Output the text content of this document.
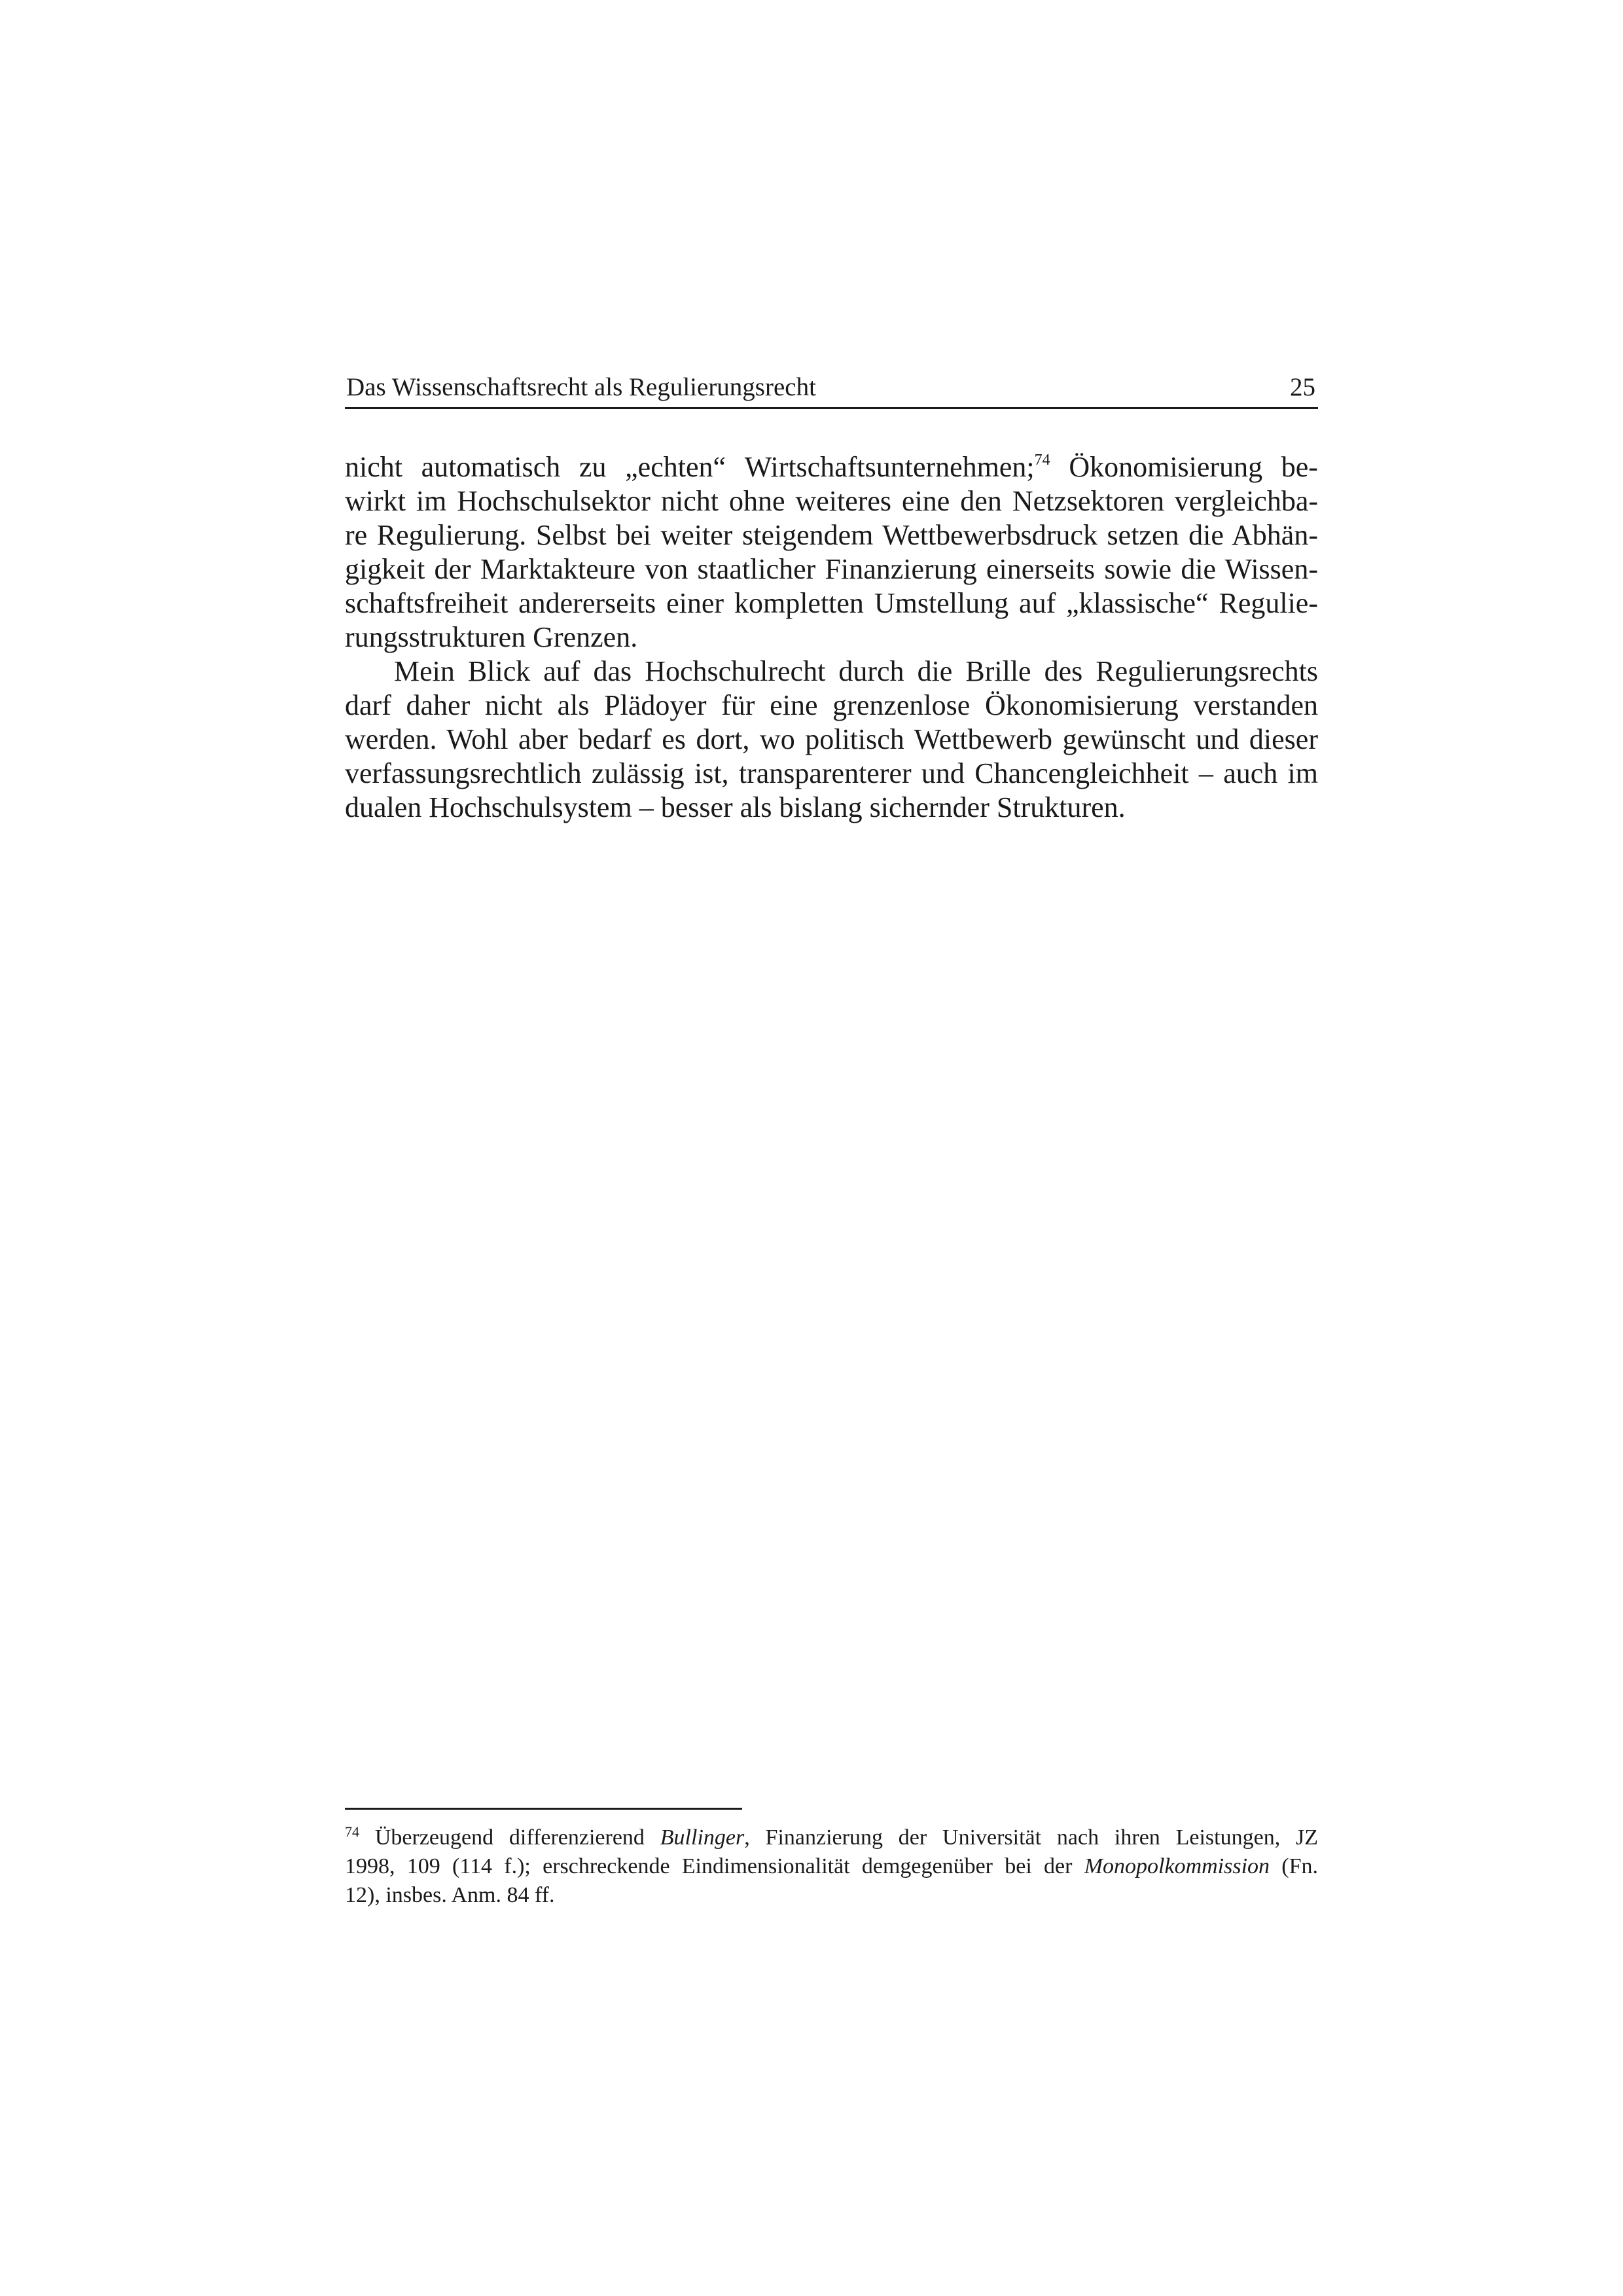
Das Wissenschaftsrecht als Regulierungsrecht	25
nicht automatisch zu „echten“ Wirtschaftsunternehmen;$^{74}$ Ökonomisierung be-
wirkt im Hochschulsektor nicht ohne weiteres eine den Netzsektoren vergleichba-
re Regulierung. Selbst bei weiter steigendem Wettbewerbsdruck setzen die Abhän-
gigkeit der Marktakteure von staatlicher Finanzierung einerseits sowie die Wissen-
schaftsfreiheit andererseits einer kompletten Umstellung auf „klassische“ Regulie-
rungsstrukturen Grenzen.
Mein Blick auf das Hochschulrecht durch die Brille des Regulierungsrechts
darf daher nicht als Plädoyer für eine grenzenlose Ökonomisierung verstanden
werden. Wohl aber bedarf es dort, wo politisch Wettbewerb gewünscht und dieser
verfassungsrechtlich zulässig ist, transparenterer und Chancengleichheit – auch im
dualen Hochschulsystem – besser als bislang sichernder Strukturen.
$^{74}$ Überzeugend differenzierend Bullinger, Finanzierung der Universität nach ihren Leistungen, JZ
1998, 109 (114 f.); erschreckende Eindimensionalität demgegenüber bei der Monopolkommission (Fn.
12), insbes. Anm. 84 ff.
